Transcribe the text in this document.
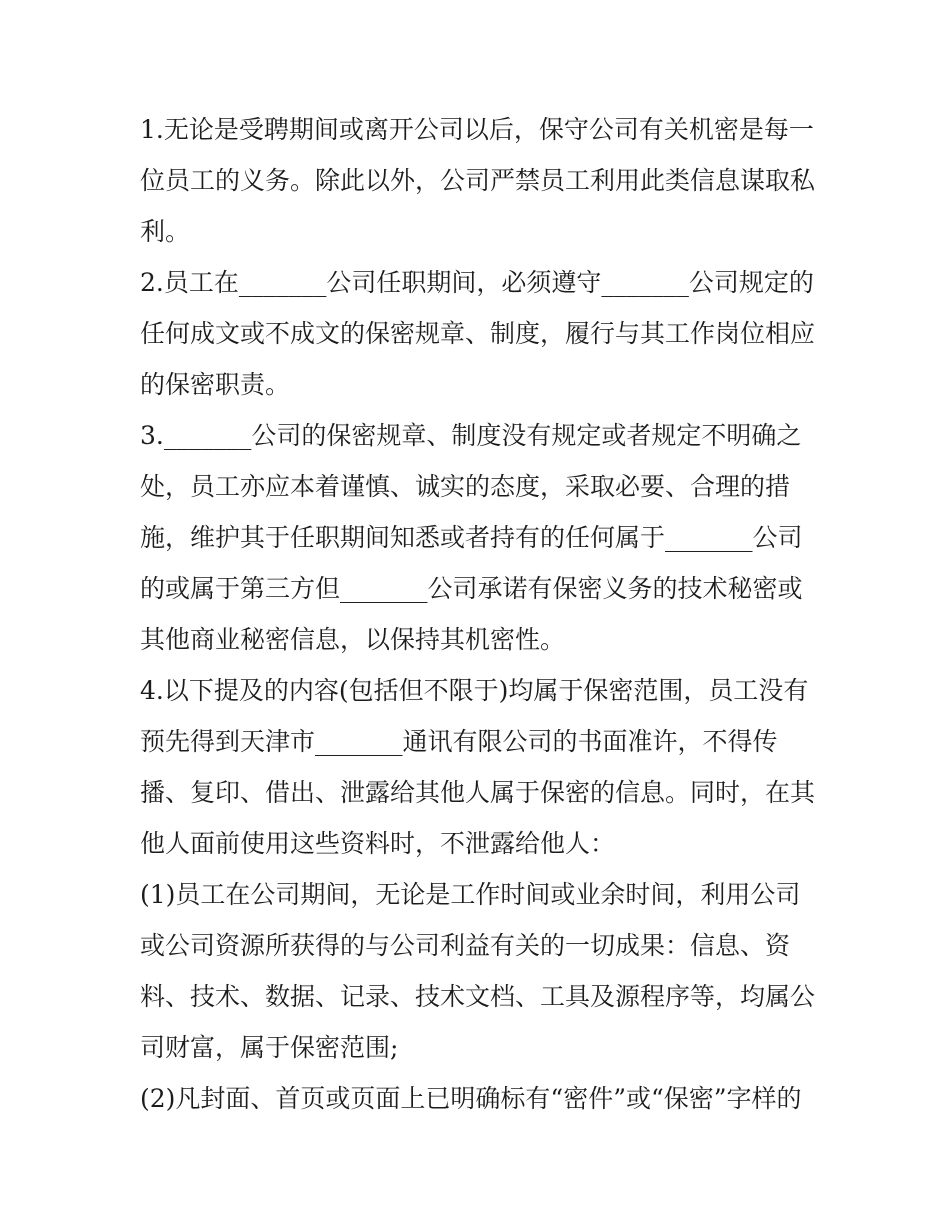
1.无论是受聘期间或离开公司以后，保守公司有关机密是每一
位员工的义务。除此以外，公司严禁员工利用此类信息谋取私
利。
2.员工在_______公司任职期间，必须遵守_______公司规定的
任何成文或不成文的保密规章、制度，履行与其工作岗位相应
的保密职责。
3._______公司的保密规章、制度没有规定或者规定不明确之
处，员工亦应本着谨慎、诚实的态度，采取必要、合理的措
施，维护其于任职期间知悉或者持有的任何属于_______公司
的或属于第三方但_______公司承诺有保密义务的技术秘密或
其他商业秘密信息，以保持其机密性。
4.以下提及的内容(包括但不限于)均属于保密范围，员工没有
预先得到天津市_______通讯有限公司的书面准许，不得传
播、复印、借出、泄露给其他人属于保密的信息。同时，在其
他人面前使用这些资料时，不泄露给他人：
(1)员工在公司期间，无论是工作时间或业余时间，利用公司
或公司资源所获得的与公司利益有关的一切成果：信息、资
料、技术、数据、记录、技术文档、工具及源程序等，均属公
司财富，属于保密范围;
(2)凡封面、首页或页面上已明确标有“密件”或“保密”字样的
